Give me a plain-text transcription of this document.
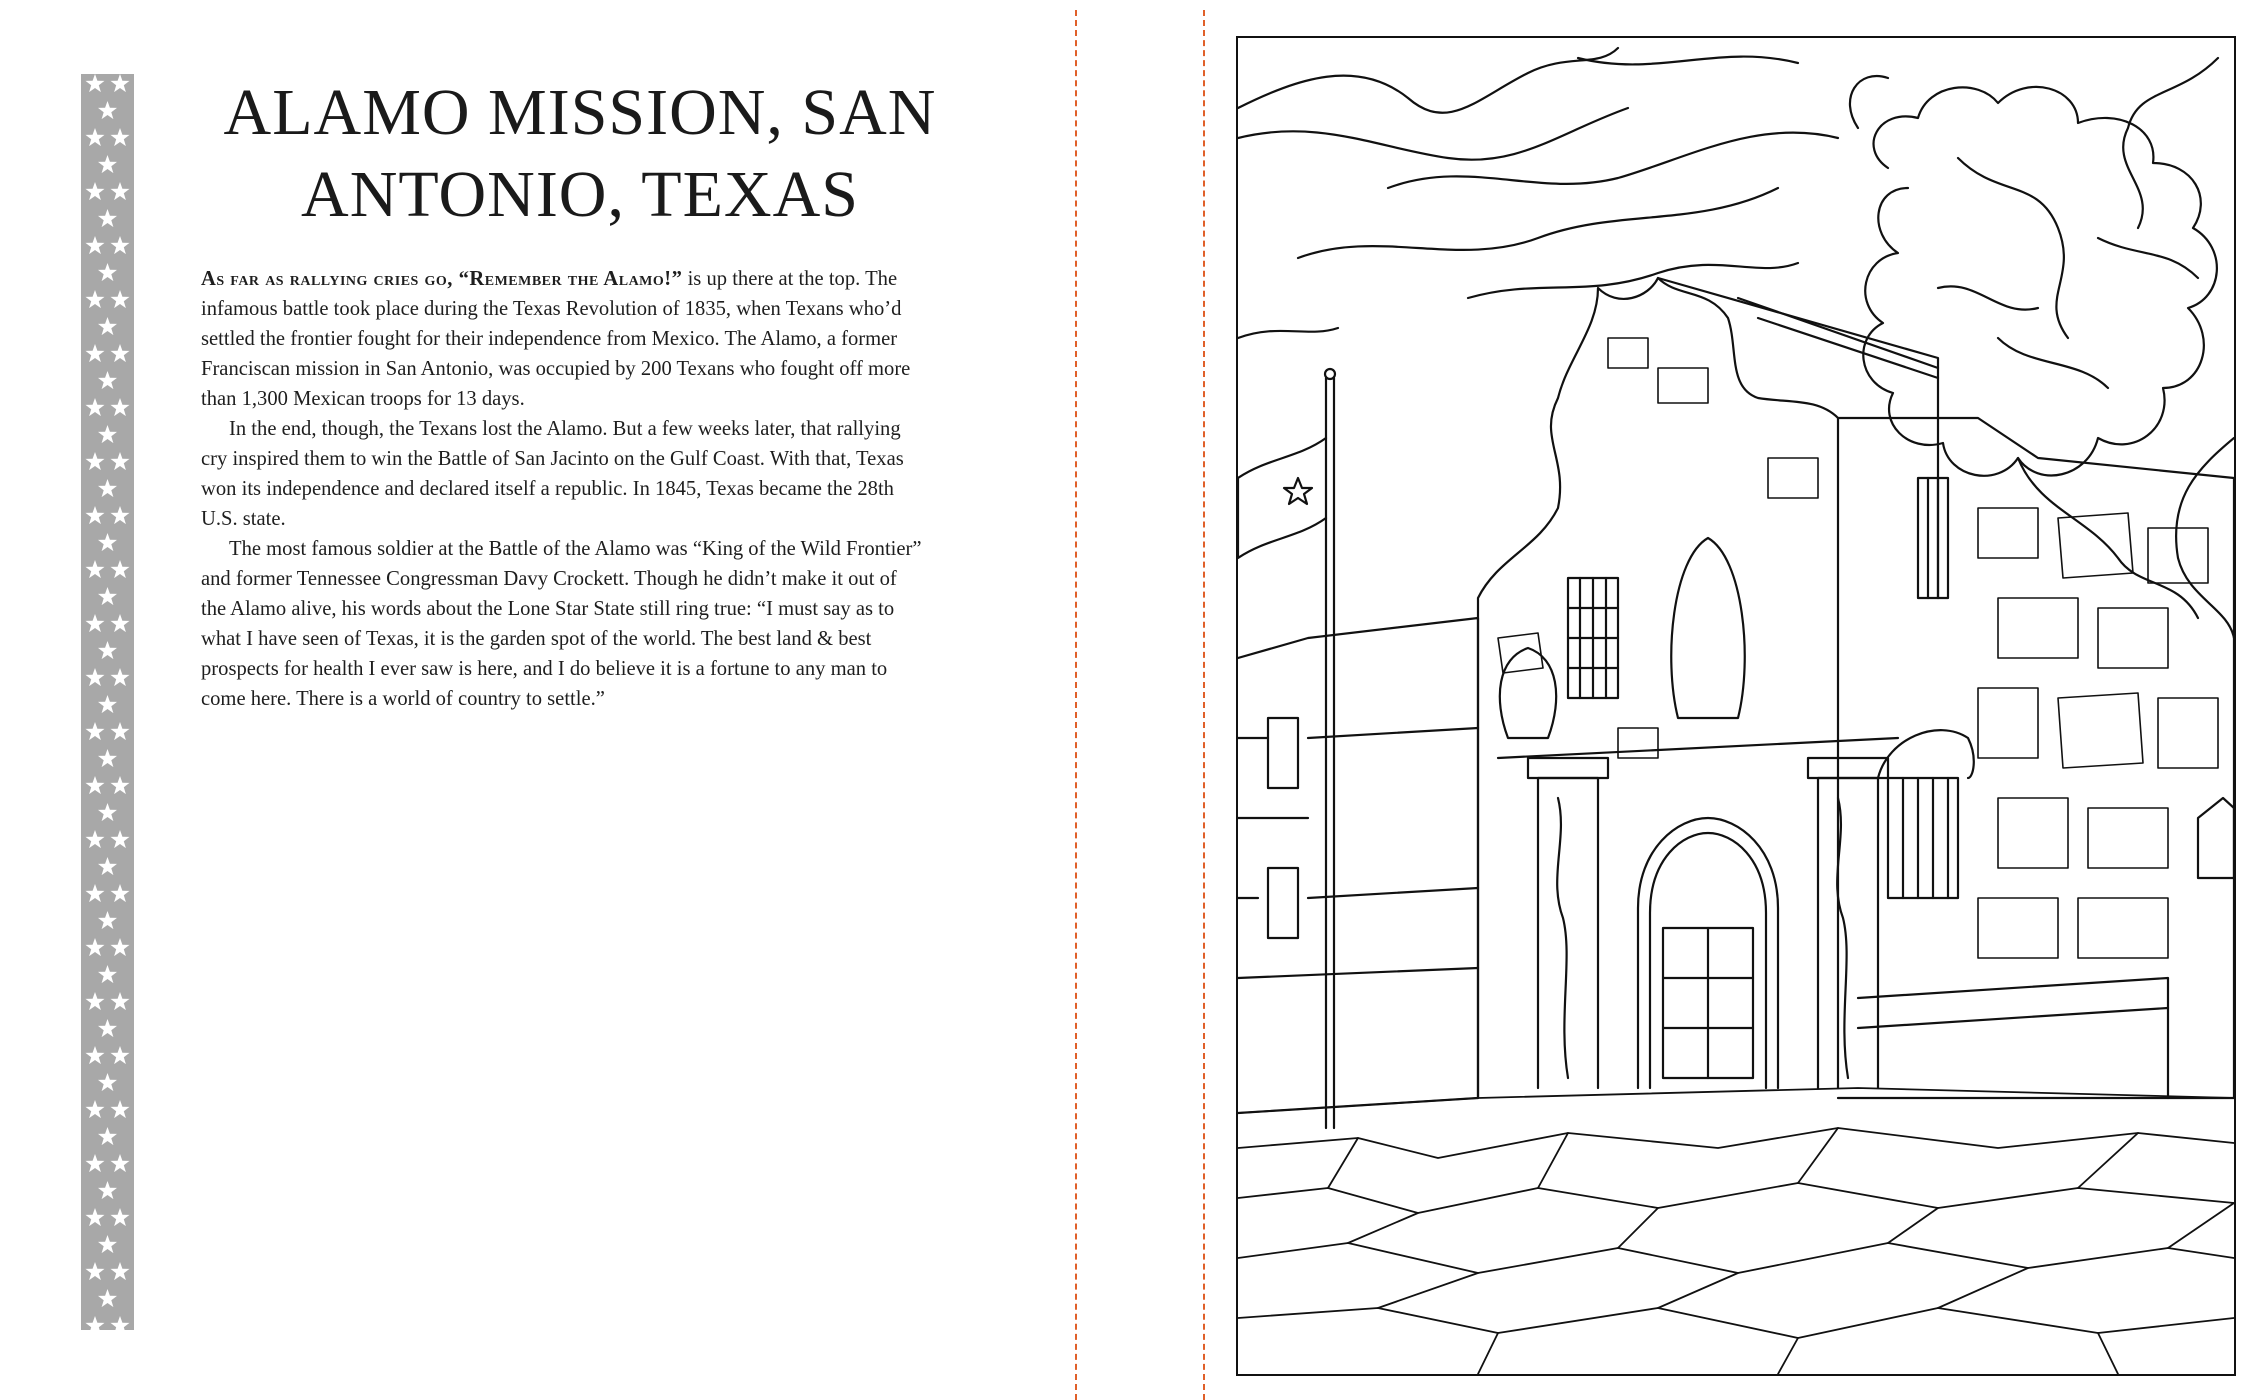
ALAMO MISSION, SAN ANTONIO, TEXAS

As far as rallying cries go, “Remember the Alamo!” is up there at the top. The infamous battle took place during the Texas Revolution of 1835, when Texans who’d settled the frontier fought for their independence from Mexico. The Alamo, a former Franciscan mission in San Antonio, was occupied by 200 Texans who fought off more than 1,300 Mexican troops for 13 days.

In the end, though, the Texans lost the Alamo. But a few weeks later, that rallying cry inspired them to win the Battle of San Jacinto on the Gulf Coast. With that, Texas won its independence and declared itself a republic. In 1845, Texas became the 28th U.S. state.

The most famous soldier at the Battle of the Alamo was “King of the Wild Frontier” and former Tennessee Congressman Davy Crockett. Though he didn’t make it out of the Alamo alive, his words about the Lone Star State still ring true: “I must say as to what I have seen of Texas, it is the garden spot of the world. The best land & best prospects for health I ever saw is here, and I do believe it is a fortune to any man to come here. There is a world of country to settle.”
